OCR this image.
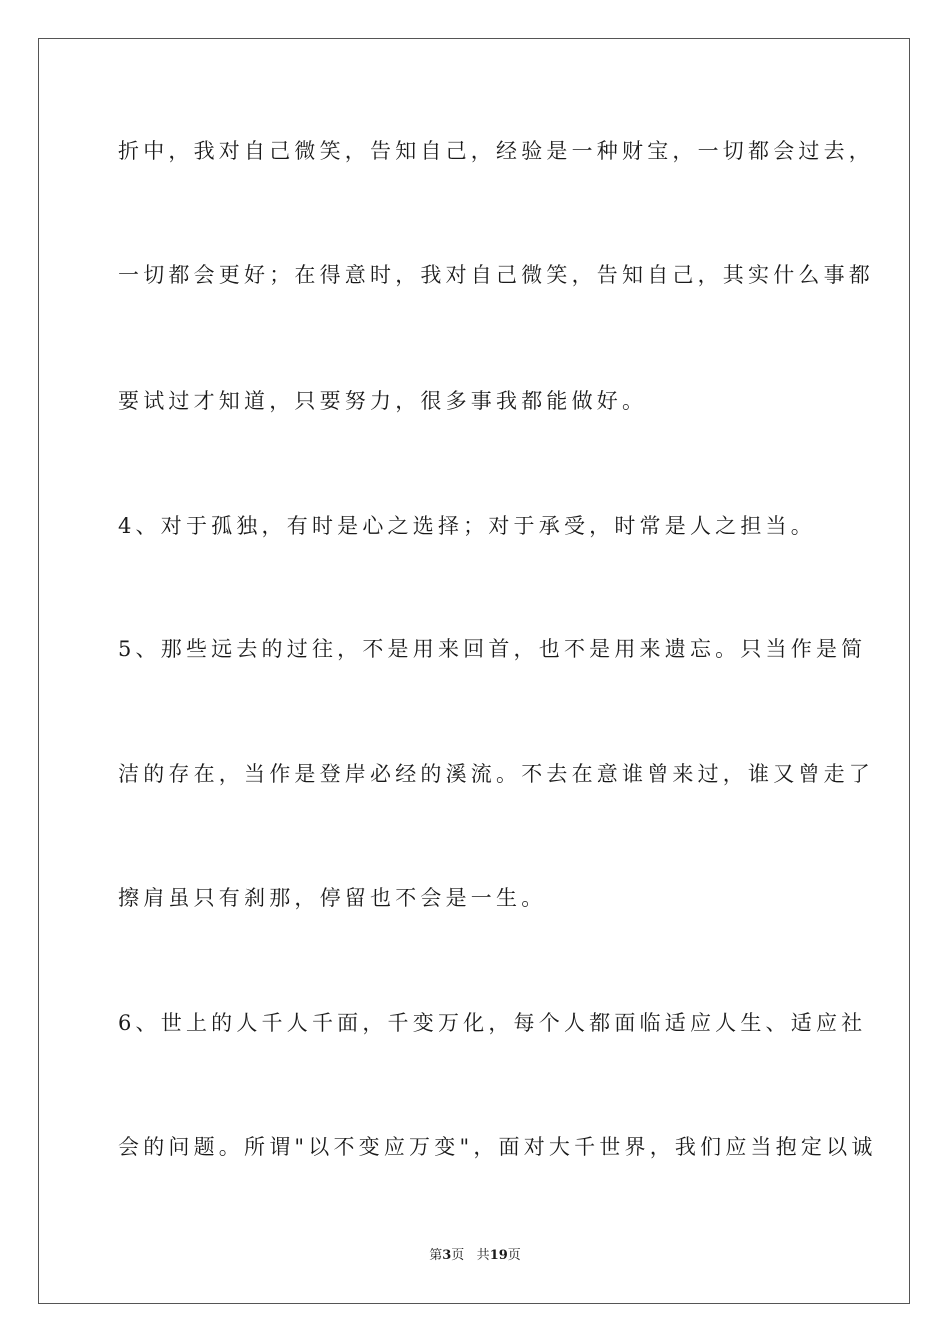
折中，我对自己微笑，告知自己，经验是一种财宝，一切都会过去，
一切都会更好；在得意时，我对自己微笑，告知自己，其实什么事都
要试过才知道，只要努力，很多事我都能做好。
4、对于孤独，有时是心之选择；对于承受，时常是人之担当。
5、那些远去的过往，不是用来回首，也不是用来遗忘。只当作是简
洁的存在，当作是登岸必经的溪流。不去在意谁曾来过，谁又曾走了
擦肩虽只有刹那，停留也不会是一生。
6、世上的人千人千面，千变万化，每个人都面临适应人生、适应社
会的问题。所谓"以不变应万变"，面对大千世界，我们应当抱定以诚
第3页 共19页
